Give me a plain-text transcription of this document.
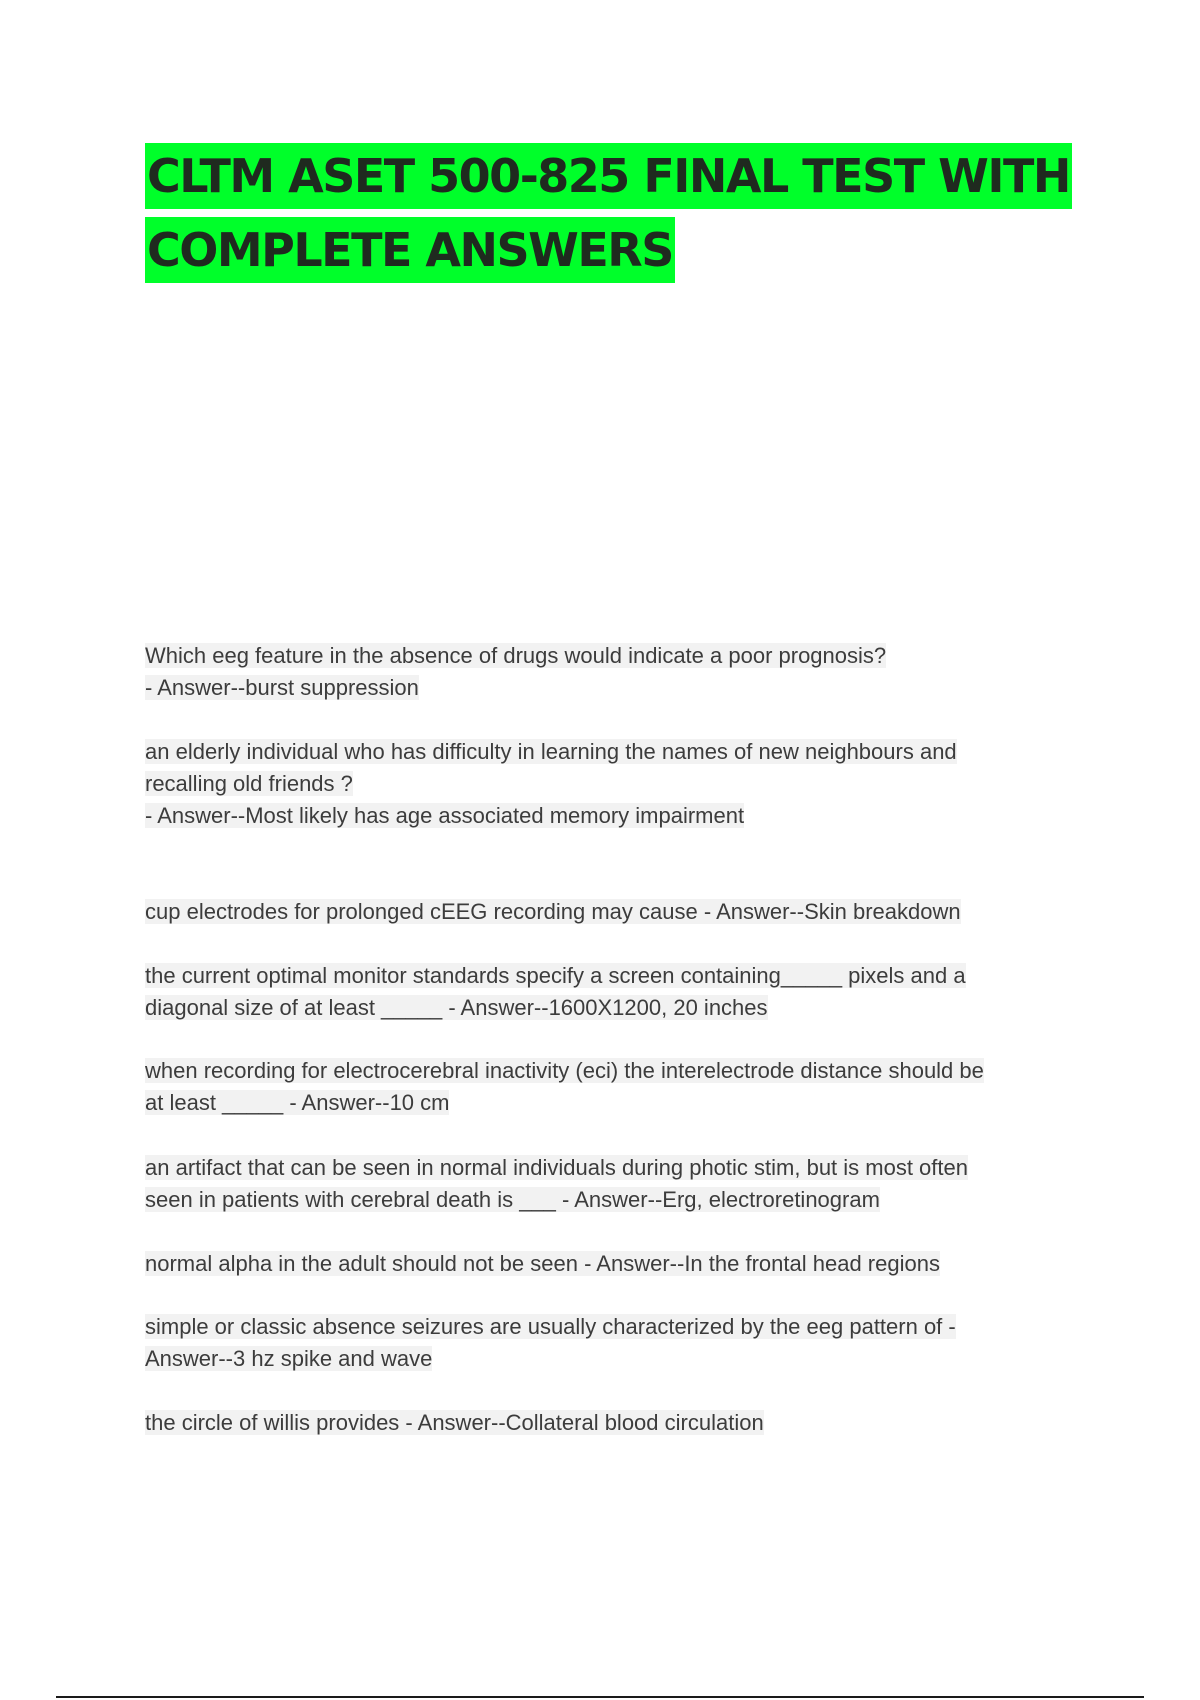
CLTM ASET 500-825 FINAL TEST WITH
COMPLETE ANSWERS
Which eeg feature in the absence of drugs would indicate a poor prognosis?
- Answer--burst suppression
an elderly individual who has difficulty in learning the names of new neighbours and
recalling old friends ?
- Answer--Most likely has age associated memory impairment
cup electrodes for prolonged cEEG recording may cause - Answer--Skin breakdown
the current optimal monitor standards specify a screen containing_____ pixels and a
diagonal size of at least _____ - Answer--1600X1200, 20 inches
when recording for electrocerebral inactivity (eci) the interelectrode distance should be
at least _____ - Answer--10 cm
an artifact that can be seen in normal individuals during photic stim, but is most often
seen in patients with cerebral death is ___ - Answer--Erg, electroretinogram
normal alpha in the adult should not be seen - Answer--In the frontal head regions
simple or classic absence seizures are usually characterized by the eeg pattern of -
Answer--3 hz spike and wave
the circle of willis provides - Answer--Collateral blood circulation
